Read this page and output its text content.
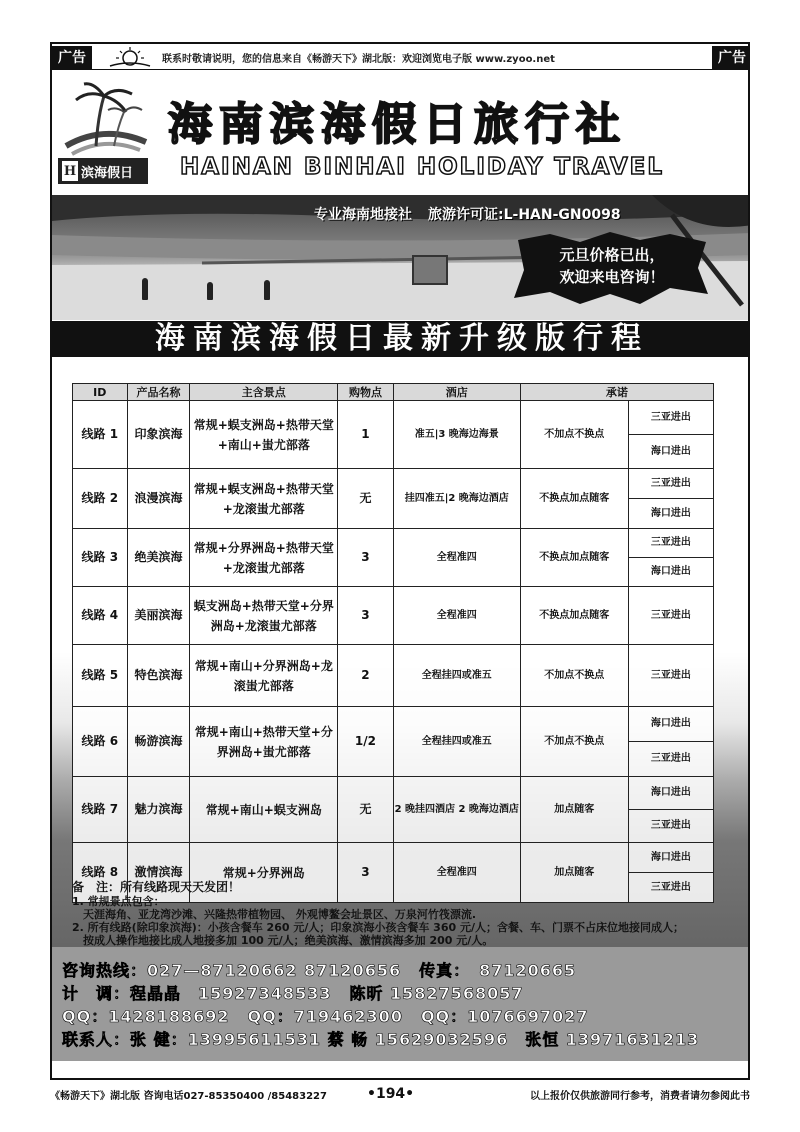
广告	联系时敬请说明，您的信息来自《畅游天下》湖北版：欢迎浏览电子版 www.zyoo.net	广告
H 滨海假日
海南滨海假日旅行社
HAINAN BINHAI HOLIDAY TRAVEL
专业海南地接社 旅游许可证:L-HAN-GN0098
元旦价格已出，
欢迎来电咨询！
海南滨海假日最新升级版行程
ID	产品名称	主含景点	购物点	酒店	承诺	
线路 1	印象滨海	常规+蜈支洲岛+热带天堂+南山+蚩尤部落	1	准五|3 晚海边海景	不加点不换点	三亚进出
						海口进出
线路 2	浪漫滨海	常规+蜈支洲岛+热带天堂+龙滚蚩尤部落	无	挂四准五|2 晚海边酒店	不换点加点随客	三亚进出
						海口进出
线路 3	绝美滨海	常规+分界洲岛+热带天堂+龙滚蚩尤部落	3	全程准四	不换点加点随客	三亚进出
						海口进出
线路 4	美丽滨海	蜈支洲岛+热带天堂+分界洲岛+龙滚蚩尤部落	3	全程准四	不换点加点随客	三亚进出
线路 5	特色滨海	常规+南山+分界洲岛+龙滚蚩尤部落	2	全程挂四或准五	不加点不换点	三亚进出
线路 6	畅游滨海	常规+南山+热带天堂+分界洲岛+蚩尤部落	1/2	全程挂四或准五	不加点不换点	海口进出
						三亚进出
线路 7	魅力滨海	常规+南山+蜈支洲岛	无	2 晚挂四酒店 2 晚海边酒店	加点随客	海口进出
						三亚进出
线路 8	激情滨海	常规+分界洲岛	3	全程准四	加点随客	海口进出
						三亚进出

备　注：所有线路现天天发团！

1. 常规景点包含：

　天涯海角、亚龙湾沙滩、兴隆热带植物园、 外观博鳌会址景区、万泉河竹筏漂流.

2. 所有线路(除印象滨海)：小孩含餐车 260 元/人；印象滨海小孩含餐车 360 元/人；含餐、车、门票不占床位地接同成人；

　按成人操作地接比成人地接多加 100 元/人；绝美滨海、激情滨海多加 200 元/人。

咨询热线：027—87120662 87120656 传真：　87120665

计　调：程晶晶　15927348533 陈昕 15827568057

QQ：1428188692 QQ：719462300 QQ：1076697027

联系人：张 健：13995611531 蔡 畅 15629032596　张恒 13971631213

《畅游天下》湖北版 咨询电话027-85350400 /85483227	•194•	以上报价仅供旅游同行参考，消费者请勿参阅此书
